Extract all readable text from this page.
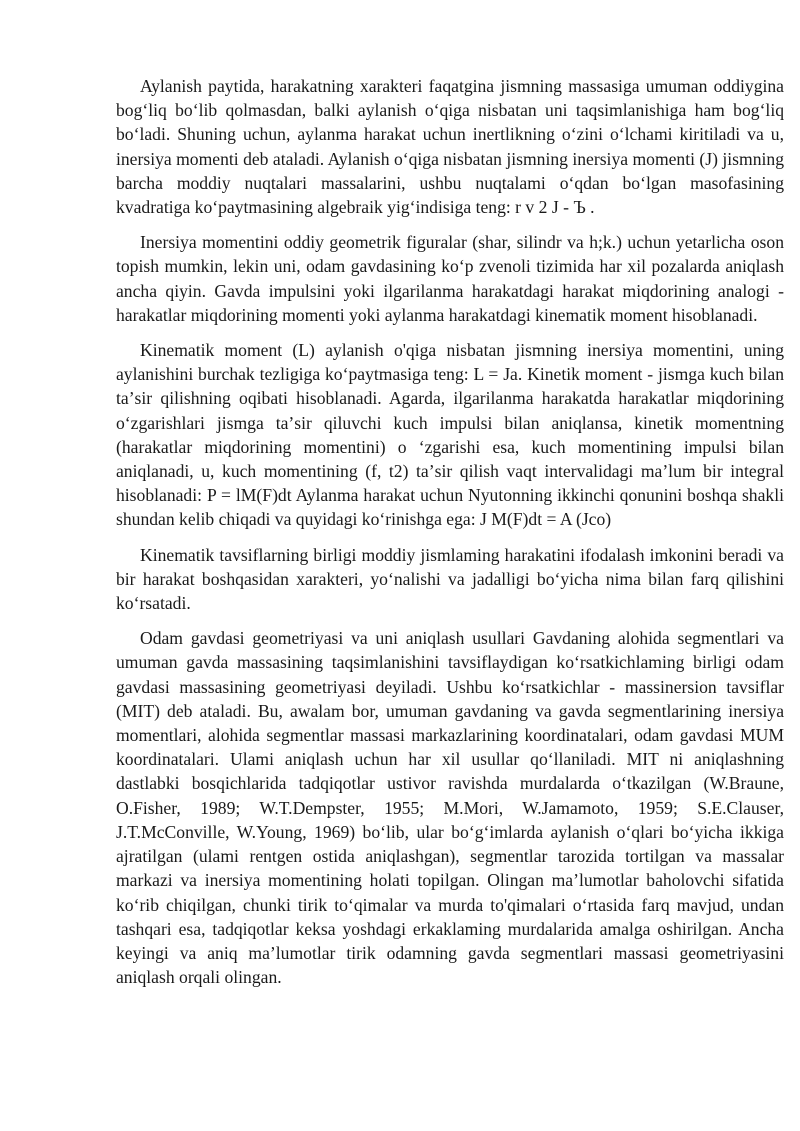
Aylanish paytida, harakatning xarakteri faqatgina jismning massasiga umuman oddiygina bogʻliq boʻlib qolmasdan, balki aylanish oʻqiga nisbatan uni taqsimlanishiga ham bogʻliq boʻladi. Shuning uchun, aylanma harakat uchun inertlikning oʻzini oʻlchami kiritiladi va u, inersiya momenti deb ataladi. Aylanish oʻqiga nisbatan jismning inersiya momenti (J) jismning barcha moddiy nuqtalari massalarini, ushbu nuqtalami oʻqdan boʻlgan masofasining kvadratiga koʻpaytmasining algebraik yigʻindisiga teng: r v 2 J - Ъ .

Inersiya momentini oddiy geometrik figuralar (shar, silindr va h;k.) uchun yetarlicha oson topish mumkin, lekin uni, odam gavdasining koʻp zvenoli tizimida har xil pozalarda aniqlash ancha qiyin. Gavda impulsini yoki ilgarilanma harakatdagi harakat miqdorining analogi - harakatlar miqdorining momenti yoki aylanma harakatdagi kinematik moment hisoblanadi.

Kinematik moment (L) aylanish o'qiga nisbatan jismning inersiya momentini, uning aylanishini burchak tezligiga koʻpaytmasiga teng: L = Ja. Kinetik moment - jismga kuch bilan taʼsir qilishning oqibati hisoblanadi. Agarda, ilgarilanma harakatda harakatlar miqdorining oʻzgarishlari jismga taʼsir qiluvchi kuch impulsi bilan aniqlansa, kinetik momentning (harakatlar miqdorining momentini) o ʻzgarishi esa, kuch momentining impulsi bilan aniqlanadi, u, kuch momentining (f, t2) taʼsir qilish vaqt intervalidagi maʼlum bir integral hisoblanadi: P = lM(F)dt Aylanma harakat uchun Nyutonning ikkinchi qonunini boshqa shakli shundan kelib chiqadi va quyidagi koʻrinishga ega: J M(F)dt = A (Jco)

Kinematik tavsiflarning birligi moddiy jismlaming harakatini ifodalash imkonini beradi va bir harakat boshqasidan xarakteri, yoʻnalishi va jadalligi boʻyicha nima bilan farq qilishini koʻrsatadi.

Odam gavdasi geometriyasi va uni aniqlash usullari Gavdaning alohida segmentlari va umuman gavda massasining taqsimlanishini tavsiflaydigan koʻrsatkichlaming birligi odam gavdasi massasining geometriyasi deyiladi. Ushbu koʻrsatkichlar - massinersion tavsiflar (MIT) deb ataladi. Bu, awalam bor, umuman gavdaning va gavda segmentlarining inersiya momentlari, alohida segmentlar massasi markazlarining koordinatalari, odam gavdasi MUM koordinatalari. Ulami aniqlash uchun har xil usullar qoʻllaniladi. MIT ni aniqlashning dastlabki bosqichlarida tadqiqotlar ustivor ravishda murdalarda oʻtkazilgan (W.Braune, O.Fisher, 1989; W.T.Dempster, 1955; M.Mori, W.Jamamoto, 1959; S.E.Clauser, J.T.McConville, W.Young, 1969) boʻlib, ular boʻgʻimlarda aylanish oʻqlari boʻyicha ikkiga ajratilgan (ulami rentgen ostida aniqlashgan), segmentlar tarozida tortilgan va massalar markazi va inersiya momentining holati topilgan. Olingan maʼlumotlar baholovchi sifatida koʻrib chiqilgan, chunki tirik toʻqimalar va murda to'qimalari oʻrtasida farq mavjud, undan tashqari esa, tadqiqotlar keksa yoshdagi erkaklaming murdalarida amalga oshirilgan. Ancha keyingi va aniq maʼlumotlar tirik odamning gavda segmentlari massasi geometriyasini aniqlash orqali olingan.
